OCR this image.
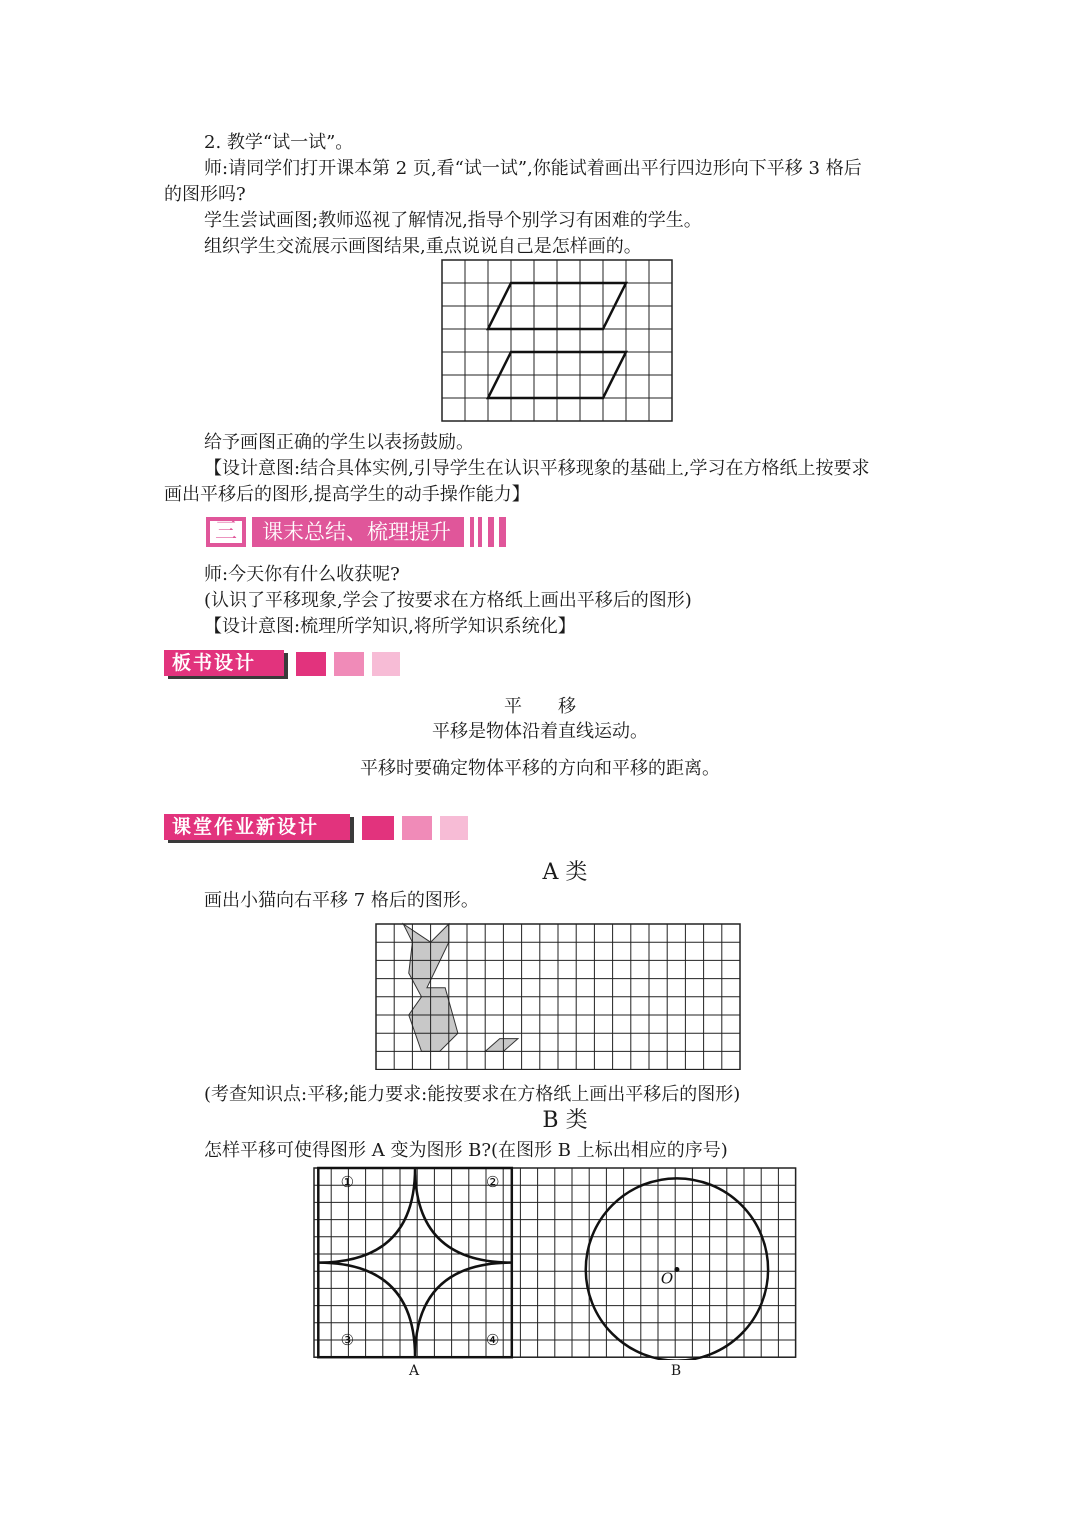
2. 教学“试一试”。
师:请同学们打开课本第 2 页,看“试一试”,你能试着画出平行四边形向下平移 3 格后
的图形吗?
学生尝试画图;教师巡视了解情况,指导个别学习有困难的学生。
组织学生交流展示画图结果,重点说说自己是怎样画的。
给予画图正确的学生以表扬鼓励。
【设计意图:结合具体实例,引导学生在认识平移现象的基础上,学习在方格纸上按要求
画出平移后的图形,提高学生的动手操作能力】
三 课末总结、梳理提升
师:今天你有什么收获呢?
(认识了平移现象,学会了按要求在方格纸上画出平移后的图形)
【设计意图:梳理所学知识,将所学知识系统化】
板书设计
平　　移
平移是物体沿着直线运动。
平移时要确定物体平移的方向和平移的距离。
课堂作业新设计
A 类
画出小猫向右平移 7 格后的图形。
(考查知识点:平移;能力要求:能按要求在方格纸上画出平移后的图形)
B 类
怎样平移可使得图形 A 变为图形 B?(在图形 B 上标出相应的序号)
①	②
③	④
O
A	B
